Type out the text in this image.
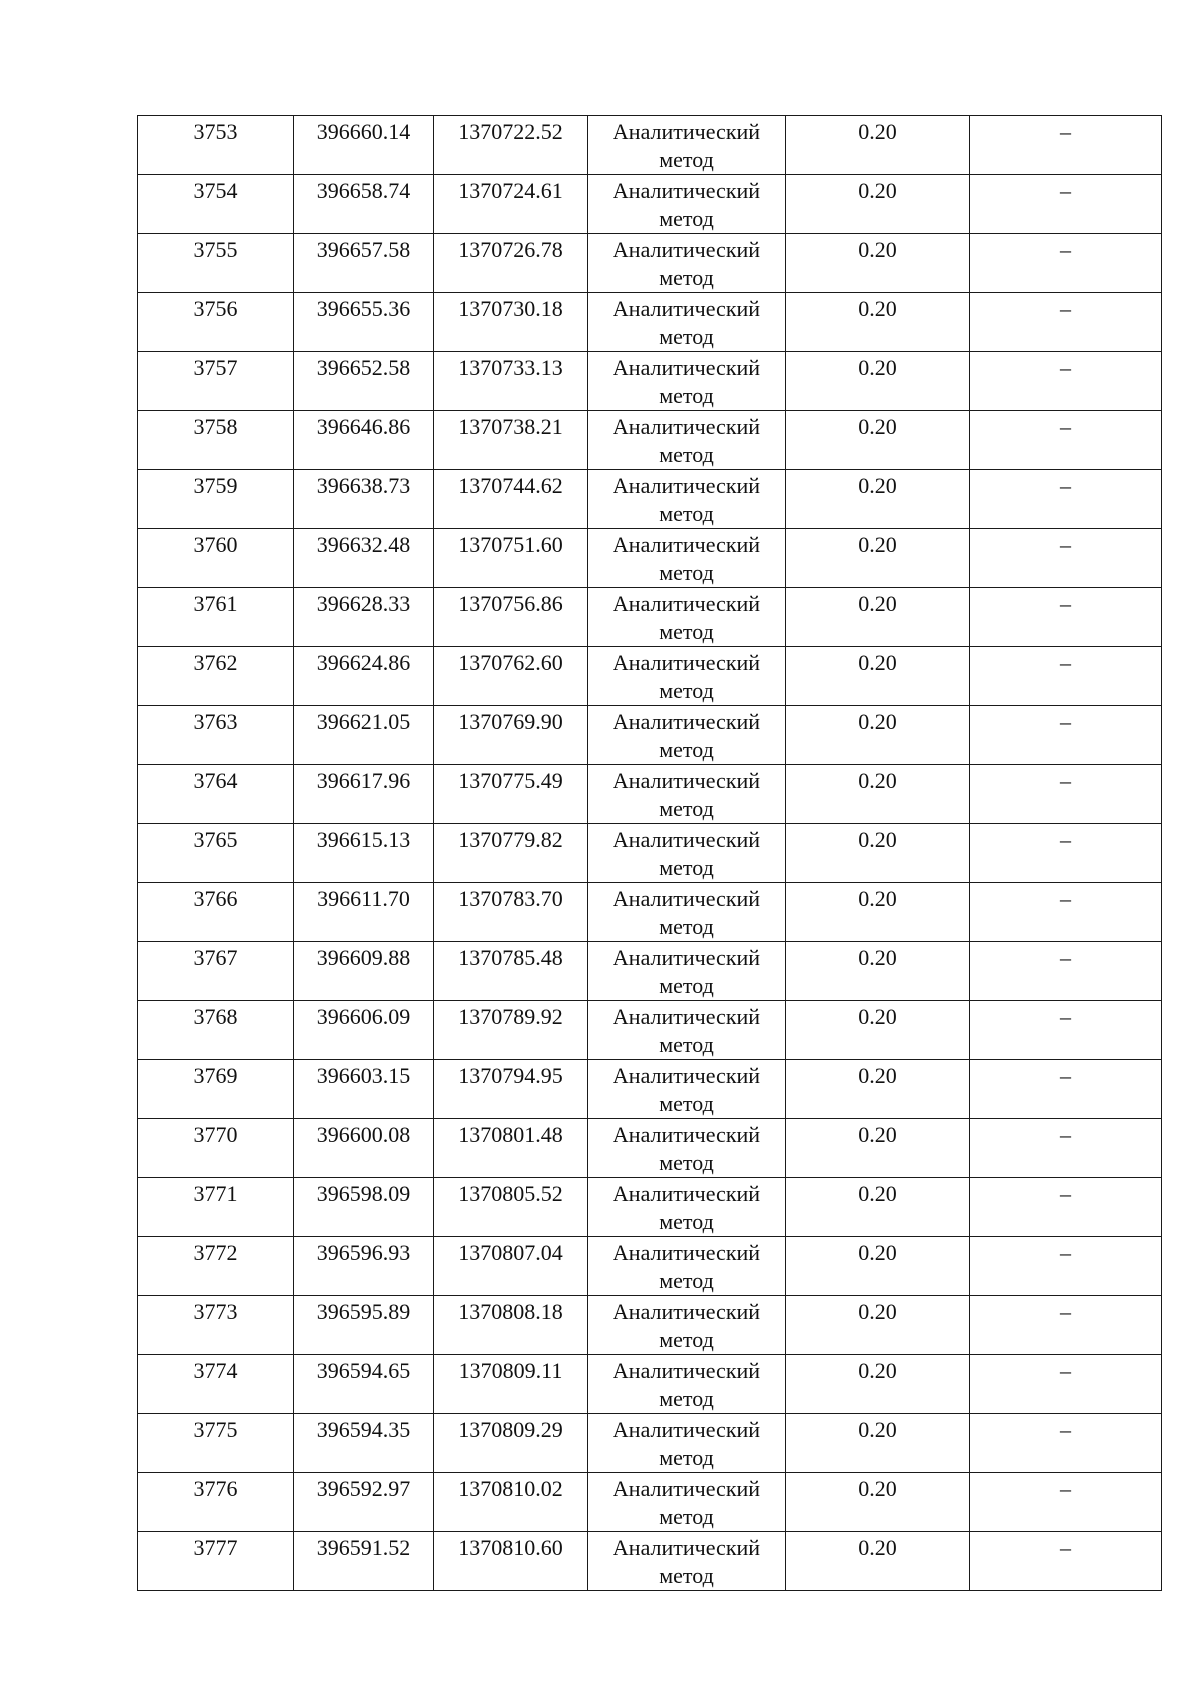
3753	396660.14	1370722.52	Аналитический метод	0.20	–

3754	396658.74	1370724.61	Аналитический метод	0.20	–

3755	396657.58	1370726.78	Аналитический метод	0.20	–

3756	396655.36	1370730.18	Аналитический метод	0.20	–

3757	396652.58	1370733.13	Аналитический метод	0.20	–

3758	396646.86	1370738.21	Аналитический метод	0.20	–

3759	396638.73	1370744.62	Аналитический метод	0.20	–

3760	396632.48	1370751.60	Аналитический метод	0.20	–

3761	396628.33	1370756.86	Аналитический метод	0.20	–

3762	396624.86	1370762.60	Аналитический метод	0.20	–

3763	396621.05	1370769.90	Аналитический метод	0.20	–

3764	396617.96	1370775.49	Аналитический метод	0.20	–

3765	396615.13	1370779.82	Аналитический метод	0.20	–

3766	396611.70	1370783.70	Аналитический метод	0.20	–

3767	396609.88	1370785.48	Аналитический метод	0.20	–

3768	396606.09	1370789.92	Аналитический метод	0.20	–

3769	396603.15	1370794.95	Аналитический метод	0.20	–

3770	396600.08	1370801.48	Аналитический метод	0.20	–

3771	396598.09	1370805.52	Аналитический метод	0.20	–

3772	396596.93	1370807.04	Аналитический метод	0.20	–

3773	396595.89	1370808.18	Аналитический метод	0.20	–

3774	396594.65	1370809.11	Аналитический метод	0.20	–

3775	396594.35	1370809.29	Аналитический метод	0.20	–

3776	396592.97	1370810.02	Аналитический метод	0.20	–

3777	396591.52	1370810.60	Аналитический метод	0.20	–
